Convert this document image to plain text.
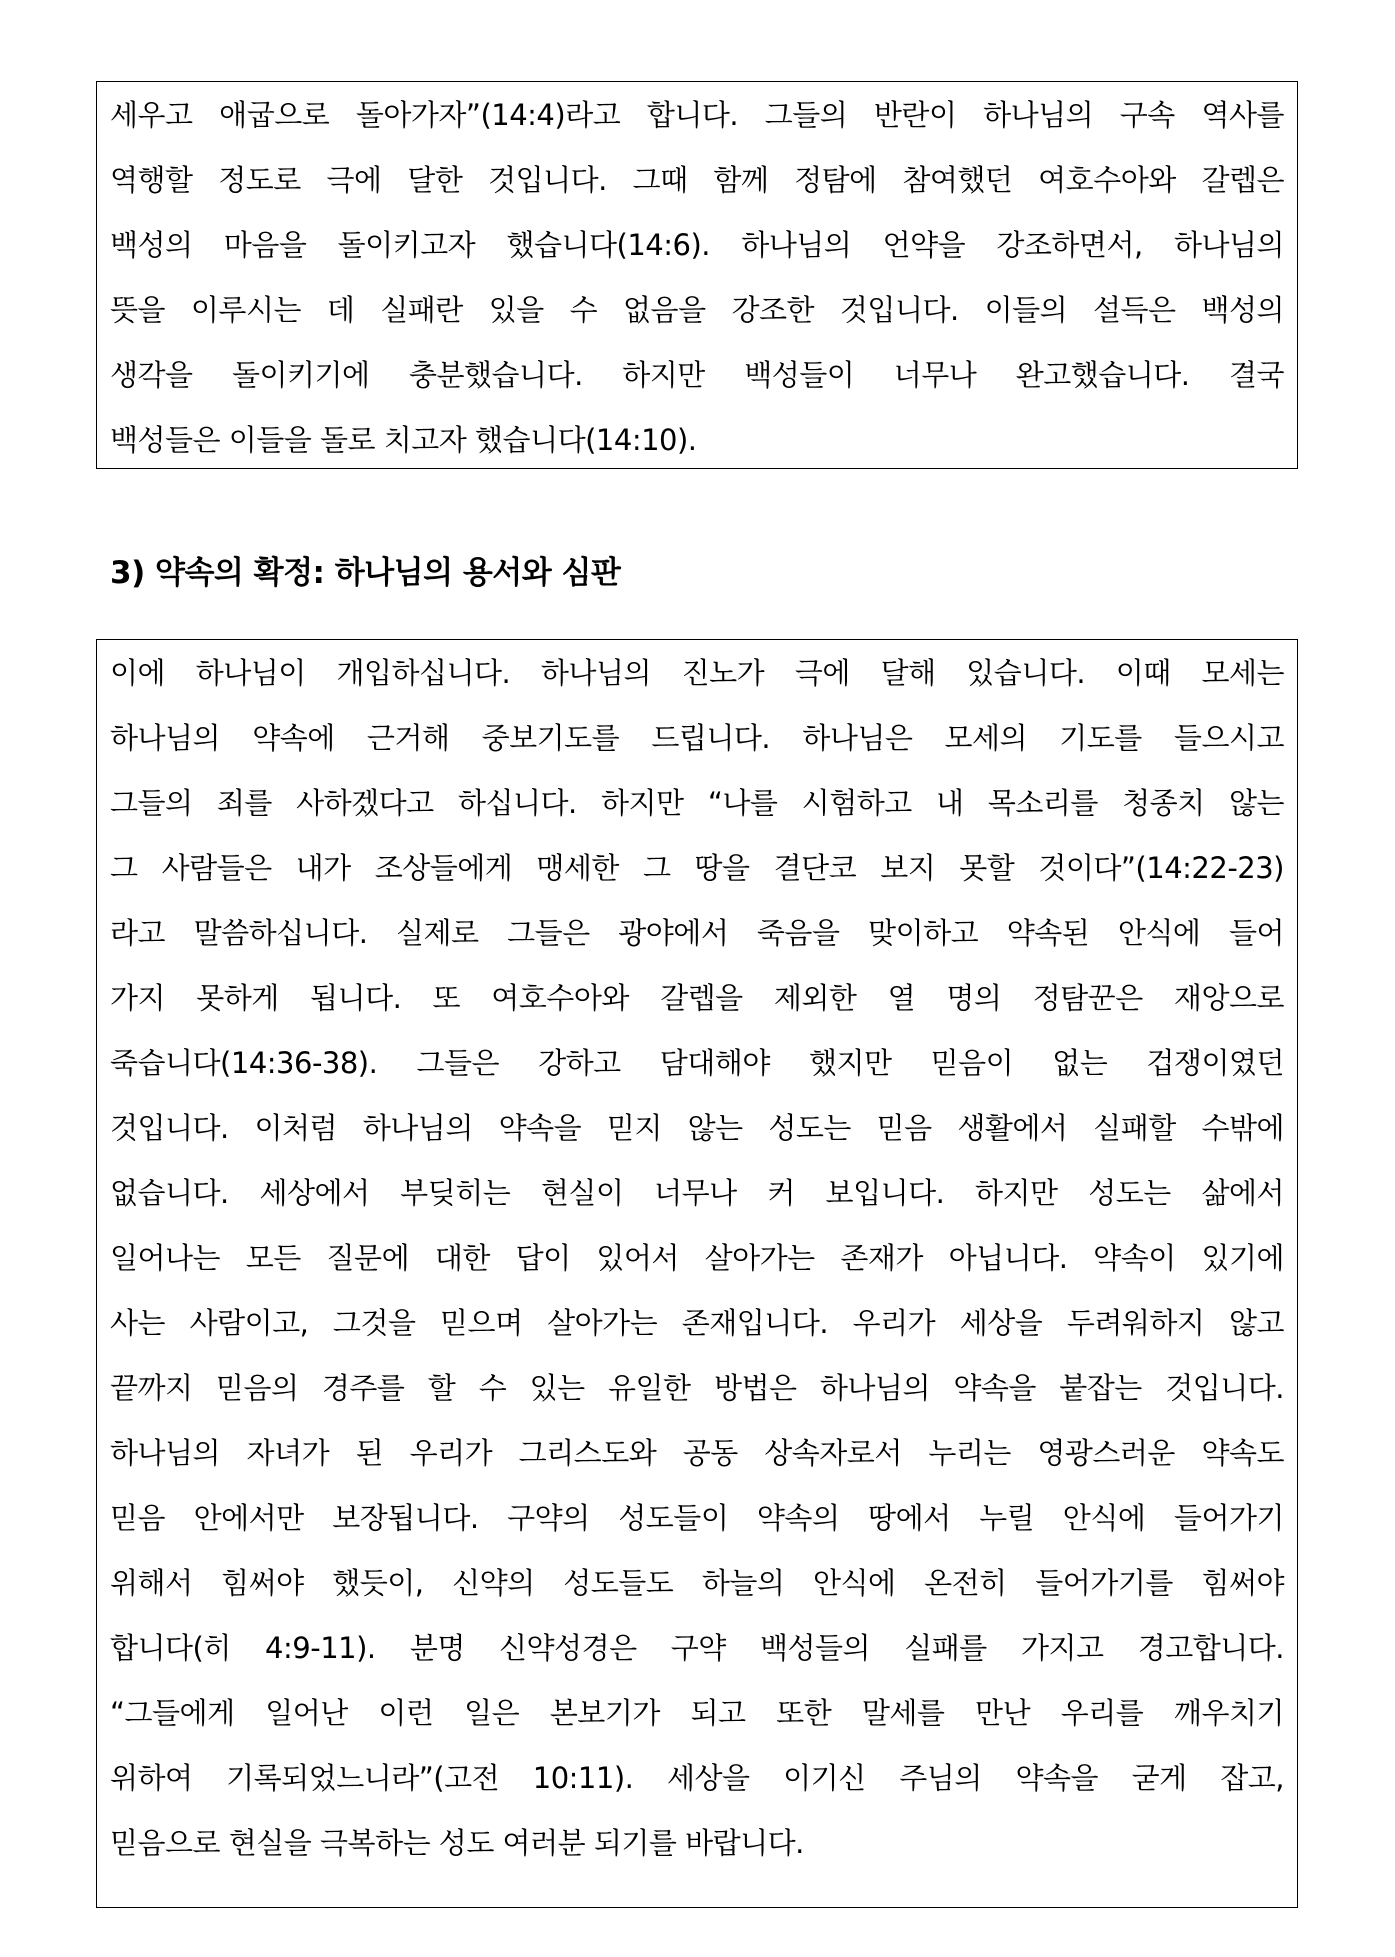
세우고 애굽으로 돌아가자”(14:4)라고 합니다. 그들의 반란이 하나님의 구속 역사를
역행할 정도로 극에 달한 것입니다. 그때 함께 정탐에 참여했던 여호수아와 갈렙은
백성의 마음을 돌이키고자 했습니다(14:6). 하나님의 언약을 강조하면서, 하나님의
뜻을 이루시는 데 실패란 있을 수 없음을 강조한 것입니다. 이들의 설득은 백성의
생각을 돌이키기에 충분했습니다. 하지만 백성들이 너무나 완고했습니다. 결국
백성들은 이들을 돌로 치고자 했습니다(14:10).
3) 약속의 확정: 하나님의 용서와 심판
이에 하나님이 개입하십니다. 하나님의 진노가 극에 달해 있습니다. 이때 모세는
하나님의 약속에 근거해 중보기도를 드립니다. 하나님은 모세의 기도를 들으시고
그들의 죄를 사하겠다고 하십니다. 하지만 “나를 시험하고 내 목소리를 청종치 않는
그 사람들은 내가 조상들에게 맹세한 그 땅을 결단코 보지 못할 것이다”(14:22-23)
라고 말씀하십니다. 실제로 그들은 광야에서 죽음을 맞이하고 약속된 안식에 들어
가지 못하게 됩니다. 또 여호수아와 갈렙을 제외한 열 명의 정탐꾼은 재앙으로
죽습니다(14:36-38). 그들은 강하고 담대해야 했지만 믿음이 없는 겁쟁이였던
것입니다. 이처럼 하나님의 약속을 믿지 않는 성도는 믿음 생활에서 실패할 수밖에
없습니다. 세상에서 부딪히는 현실이 너무나 커 보입니다. 하지만 성도는 삶에서
일어나는 모든 질문에 대한 답이 있어서 살아가는 존재가 아닙니다. 약속이 있기에
사는 사람이고, 그것을 믿으며 살아가는 존재입니다. 우리가 세상을 두려워하지 않고
끝까지 믿음의 경주를 할 수 있는 유일한 방법은 하나님의 약속을 붙잡는 것입니다.
하나님의 자녀가 된 우리가 그리스도와 공동 상속자로서 누리는 영광스러운 약속도
믿음 안에서만 보장됩니다. 구약의 성도들이 약속의 땅에서 누릴 안식에 들어가기
위해서 힘써야 했듯이, 신약의 성도들도 하늘의 안식에 온전히 들어가기를 힘써야
합니다(히 4:9-11). 분명 신약성경은 구약 백성들의 실패를 가지고 경고합니다.
“그들에게 일어난 이런 일은 본보기가 되고 또한 말세를 만난 우리를 깨우치기
위하여 기록되었느니라”(고전 10:11). 세상을 이기신 주님의 약속을 굳게 잡고,
믿음으로 현실을 극복하는 성도 여러분 되기를 바랍니다.
